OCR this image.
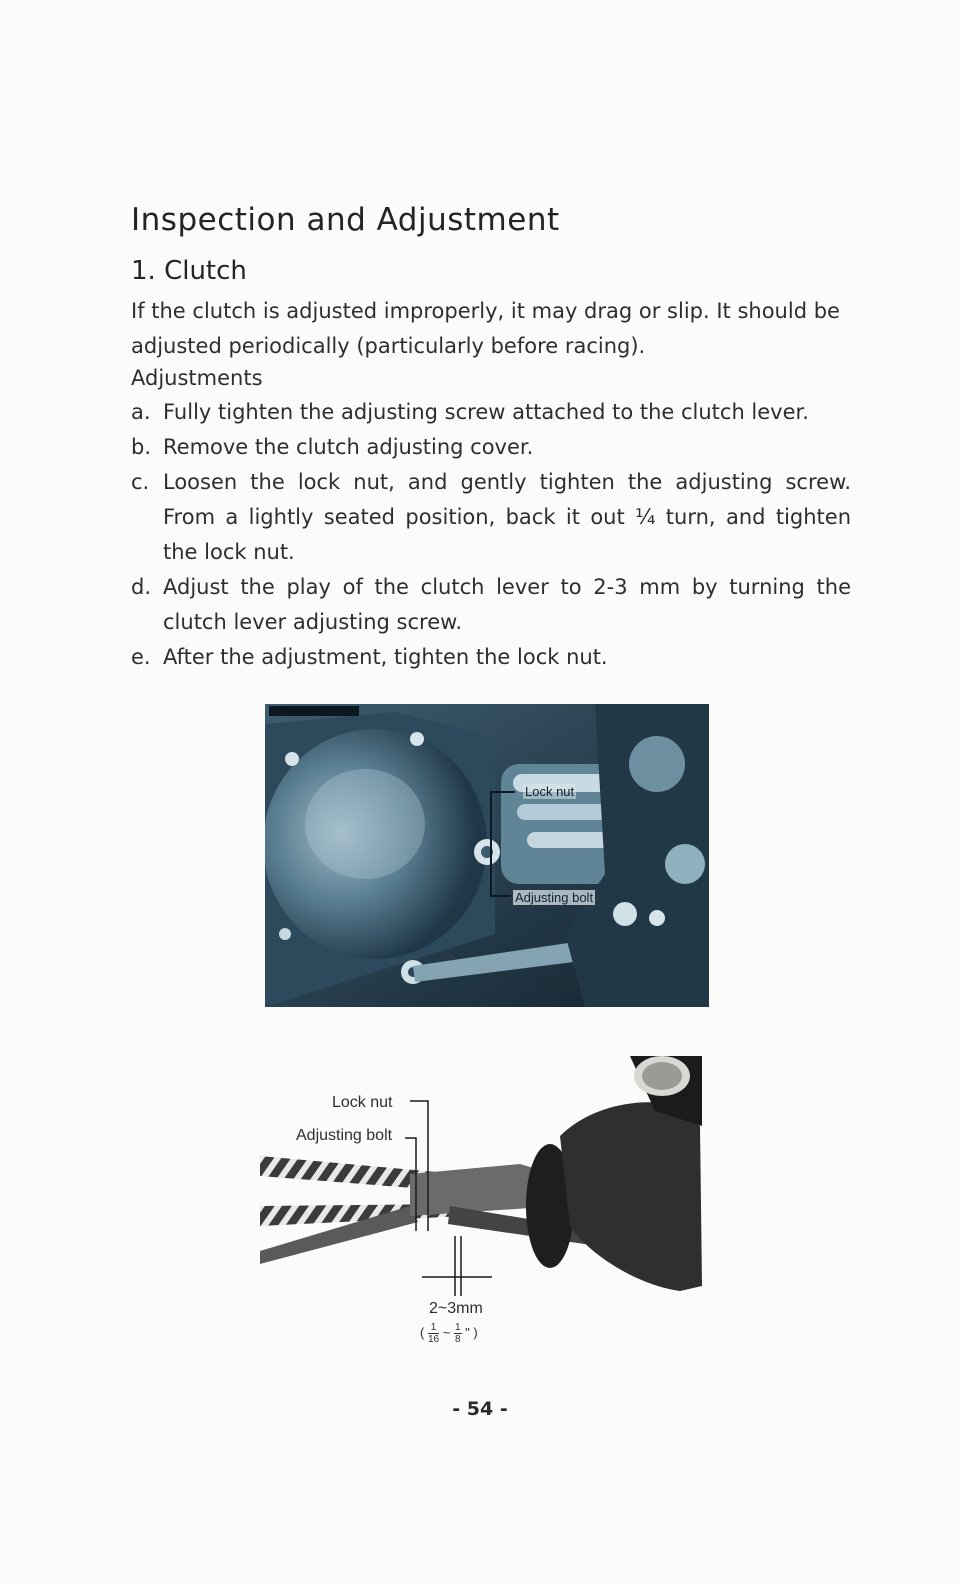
Inspection and Adjustment
1. Clutch

If the clutch is adjusted improperly, it may drag or slip. It should be adjusted periodically (particularly before racing).

Adjustments
a. Fully tighten the adjusting screw attached to the clutch lever.
b. Remove the clutch adjusting cover.
c. Loosen the lock nut, and gently tighten the adjusting screw. From a lightly seated position, back it out ¼ turn, and tighten the lock nut.
d. Adjust the play of the clutch lever to 2-3 mm by turning the clutch lever adjusting screw.
e. After the adjustment, tighten the lock nut.
Lock nut
Adjusting bolt
Lock nut
Adjusting bolt
2~3mm
( $\frac{1}{16}$ ~ $\frac{1}{8}$ " )
- 54 -
